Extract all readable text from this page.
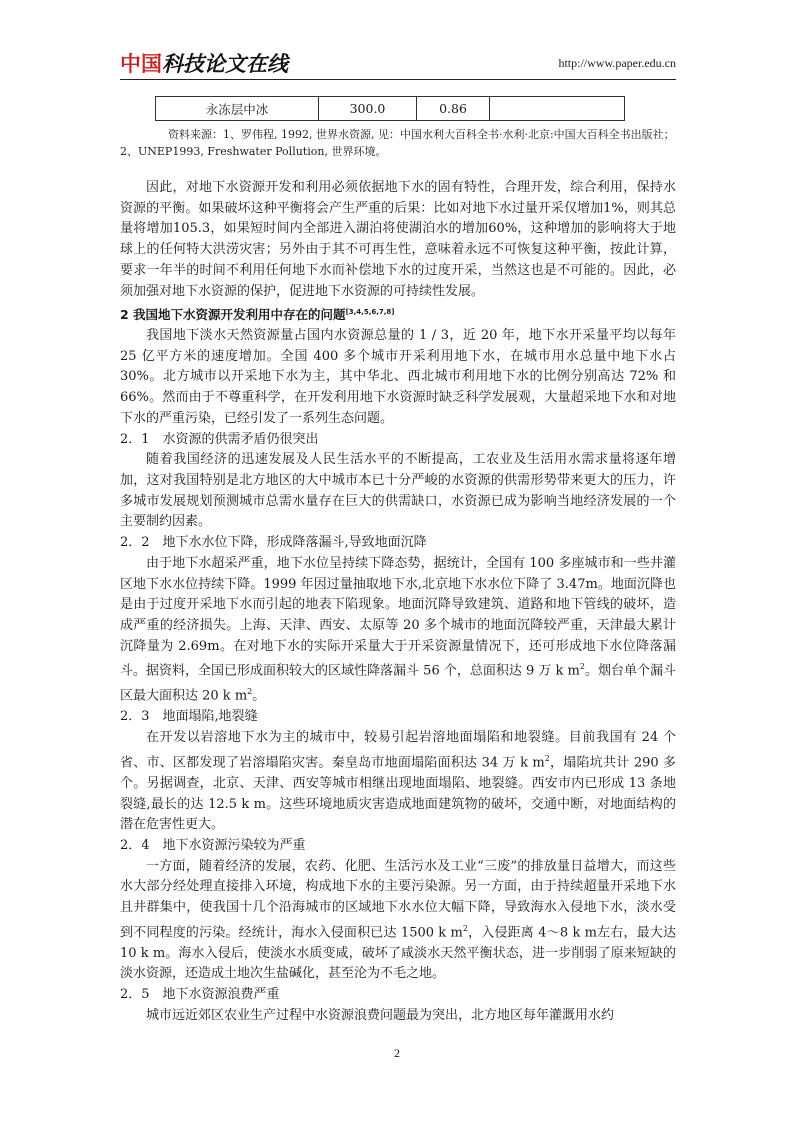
中国科技论文在线	http://www.paper.edu.cn
永冻层中冰	300.0	0.86	
资料来源：1、罗伟程, 1992, 世界水资源, 见：中国水利大百科全书·水利·北京:中国大百科全书出版社；2、UNEP1993, Freshwater Pollution, 世界环境。

因此，对地下水资源开发和利用必须依据地下水的固有特性，合理开发，综合利用，保持水资源的平衡。如果破坏这种平衡将会产生严重的后果：比如对地下水过量开采仅增加1%，则其总量将增加105.3，如果短时间内全部进入湖泊将使湖泊水的增加60%，这种增加的影响将大于地球上的任何特大洪涝灾害；另外由于其不可再生性，意味着永远不可恢复这种平衡，按此计算，要求一年半的时间不利用任何地下水而补偿地下水的过度开采，当然这也是不可能的。因此，必须加强对地下水资源的保护，促进地下水资源的可持续性发展。

2 我国地下水资源开发利用中存在的问题[3,4,5,6,7,8]

我国地下淡水天然资源量占国内水资源总量的 1 / 3，近 20 年，地下水开采量平均以每年 25 亿平方米的速度增加。全国 400 多个城市开采利用地下水，在城市用水总量中地下水占 30%。北方城市以开采地下水为主，其中华北、西北城市利用地下水的比例分别高达 72% 和 66%。然而由于不尊重科学，在开发利用地下水资源时缺乏科学发展观，大量超采地下水和对地下水的严重污染，已经引发了一系列生态问题。

2．1　水资源的供需矛盾仍很突出

随着我国经济的迅速发展及人民生活水平的不断提高，工农业及生活用水需求量将逐年增加，这对我国特别是北方地区的大中城市本已十分严峻的水资源的供需形势带来更大的压力，许多城市发展规划预测城市总需水量存在巨大的供需缺口，水资源已成为影响当地经济发展的一个主要制约因素。

2．2　地下水水位下降，形成降落漏斗,导致地面沉降

由于地下水超采严重，地下水位呈持续下降态势，据统计，全国有 100 多座城市和一些井灌区地下水水位持续下降。1999 年因过量抽取地下水,北京地下水水位下降了 3.47m。地面沉降也是由于过度开采地下水而引起的地表下陷现象。地面沉降导致建筑、道路和地下管线的破坏，造成严重的经济损失。上海、天津、西安、太原等 20 多个城市的地面沉降较严重，天津最大累计沉降量为 2.69m。在对地下水的实际开采量大于开采资源量情况下，还可形成地下水位降落漏斗。据资料，全国已形成面积较大的区域性降落漏斗 56 个，总面积达 9 万 k $m^2$。烟台单个漏斗区最大面积达 20 k $m^2$。

2．3　地面塌陷,地裂缝

在开发以岩溶地下水为主的城市中，较易引起岩溶地面塌陷和地裂缝。目前我国有 24 个省、市、区都发现了岩溶塌陷灾害。秦皇岛市地面塌陷面积达 34 万 k $m^2$，塌陷坑共计 290 多个。另据调查，北京、天津、西安等城市相继出现地面塌陷、地裂缝。西安市内已形成 13 条地裂缝,最长的达 12.5 k m。这些环境地质灾害造成地面建筑物的破坏，交通中断，对地面结构的潜在危害性更大。

2．4　地下水资源污染较为严重

一方面，随着经济的发展，农药、化肥、生活污水及工业“三废”的排放量日益增大，而这些水大部分经处理直接排入环境，构成地下水的主要污染源。另一方面，由于持续超量开采地下水且井群集中，使我国十几个沿海城市的区域地下水水位大幅下降，导致海水入侵地下水，淡水受到不同程度的污染。经统计，海水入侵面积已达 1500 k $m^2$，入侵距离 4～8 k m左右，最大达 10 k m。海水入侵后，使淡水水质变咸，破坏了咸淡水天然平衡状态，进一步削弱了原来短缺的淡水资源，还造成土地次生盐碱化，甚至沦为不毛之地。

2．5　地下水资源浪费严重

城市远近郊区农业生产过程中水资源浪费问题最为突出，北方地区每年灌溉用水约

2
